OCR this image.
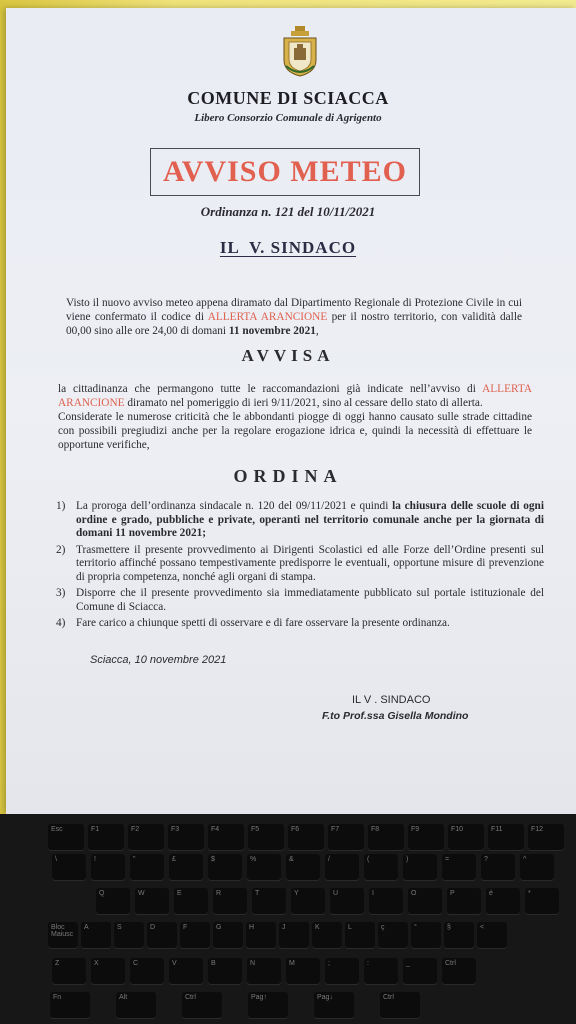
COMUNE DI SCIACCA
Libero Consorzio Comunale di Agrigento
AVVISO METEO
Ordinanza n. 121 del 10/11/2021
IL  V. SINDACO
Visto il nuovo avviso meteo appena diramato dal Dipartimento Regionale di Protezione Civile in cui viene confermato il codice di ALLERTA ARANCIONE per il nostro territorio, con validità dalle 00,00 sino alle ore 24,00 di domani 11 novembre 2021,
AVVISA
la cittadinanza che permangono tutte le raccomandazioni già indicate nell’avviso di ALLERTA ARANCIONE diramato nel pomeriggio di ieri 9/11/2021, sino al cessare dello stato di allerta.
Considerate le numerose criticità che le abbondanti piogge di oggi hanno causato sulle strade cittadine con possibili pregiudizi anche per la regolare erogazione idrica e, quindi la necessità di effettuare le opportune verifiche,
ORDINA
1) La proroga dell’ordinanza sindacale n. 120 del 09/11/2021 e quindi la chiusura delle scuole di ogni ordine e grado, pubbliche e private, operanti nel territorio comunale anche per la giornata di domani 11 novembre 2021;
2) Trasmettere il presente provvedimento ai Dirigenti Scolastici ed alle Forze dell’Ordine presenti sul territorio affinché possano tempestivamente predisporre le eventuali, opportune misure di prevenzione di propria competenza, nonché agli organi di stampa.
3) Disporre che il presente provvedimento sia immediatamente pubblicato sul portale istituzionale del Comune di Sciacca.
4) Fare carico a chiunque spetti di osservare e di fare osservare la presente ordinanza.
Sciacca, 10 novembre 2021
IL V . SINDACO
F.to Prof.ssa Gisella Mondino
Esc	F1	F2	F3	F4	F5	F6	F7	F8	F9	F10	F11	F12
\	!	"	£	$	%	&	/	(	)	=	?	^
Q	W	E	R	T	Y	U	I	O	P	é	*
Bloc Maiusc
A	S	D	F	G	H	J	K	L	ç	°	§	<
Z	X	C	V	B	N	M	;	:	_	Ctrl
Fn	Alt	Ctrl	Pag↑	Pag↓	Ctrl
